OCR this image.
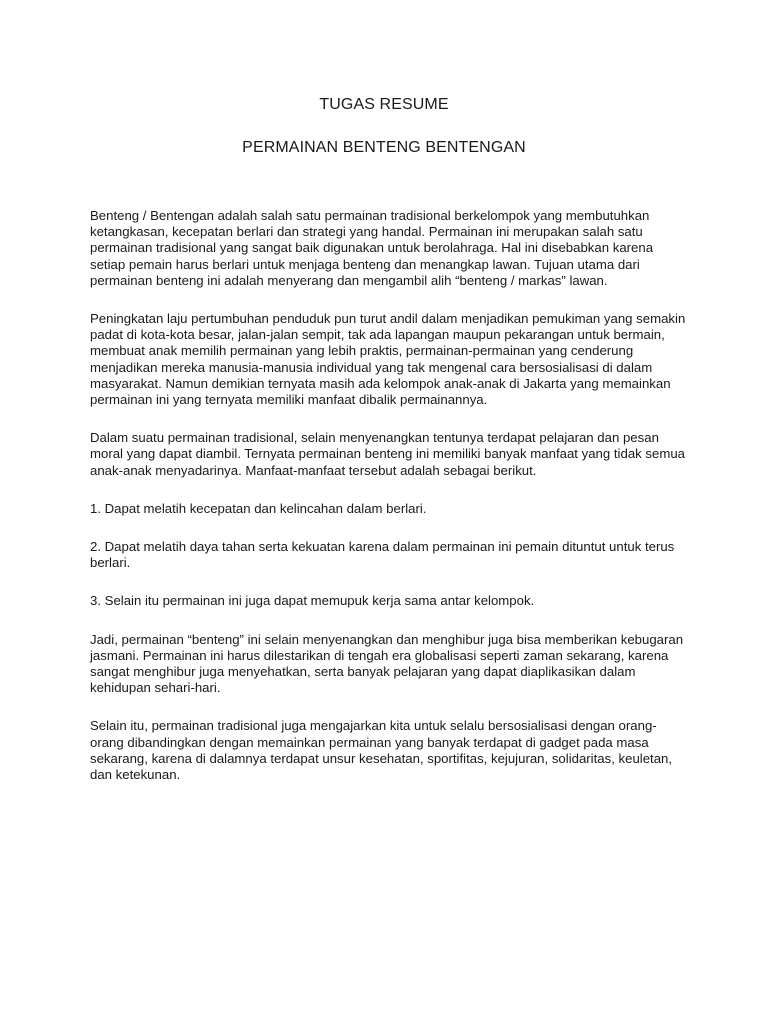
TUGAS RESUME
PERMAINAN BENTENG BENTENGAN

Benteng / Bentengan adalah salah satu permainan tradisional berkelompok yang membutuhkan ketangkasan, kecepatan berlari dan strategi yang handal. Permainan ini merupakan salah satu permainan tradisional yang sangat baik digunakan untuk berolahraga. Hal ini disebabkan karena setiap pemain harus berlari untuk menjaga benteng dan menangkap lawan. Tujuan utama dari permainan benteng ini adalah menyerang dan mengambil alih “benteng / markas” lawan.

Peningkatan laju pertumbuhan penduduk pun turut andil dalam menjadikan pemukiman yang semakin padat di kota-kota besar, jalan-jalan sempit, tak ada lapangan maupun pekarangan untuk bermain, membuat anak memilih permainan yang lebih praktis, permainan-permainan yang cenderung menjadikan mereka manusia-manusia individual yang tak mengenal cara bersosialisasi di dalam masyarakat. Namun demikian ternyata masih ada kelompok anak-anak di Jakarta yang memainkan permainan ini yang ternyata memiliki manfaat dibalik permainannya.

Dalam suatu permainan tradisional, selain menyenangkan tentunya terdapat pelajaran dan pesan moral yang dapat diambil. Ternyata permainan benteng ini memiliki banyak manfaat yang tidak semua anak-anak menyadarinya. Manfaat-manfaat tersebut adalah sebagai berikut.

1. Dapat melatih kecepatan dan kelincahan dalam berlari.

2. Dapat melatih daya tahan serta kekuatan karena dalam permainan ini pemain dituntut untuk terus berlari.

3. Selain itu permainan ini juga dapat memupuk kerja sama antar kelompok.

Jadi, permainan “benteng” ini selain menyenangkan dan menghibur juga bisa memberikan kebugaran jasmani. Permainan ini harus dilestarikan di tengah era globalisasi seperti zaman sekarang, karena sangat menghibur juga menyehatkan, serta banyak pelajaran yang dapat diaplikasikan dalam kehidupan sehari-hari.

Selain itu, permainan tradisional juga mengajarkan kita untuk selalu bersosialisasi dengan orang-orang dibandingkan dengan memainkan permainan yang banyak terdapat di gadget pada masa sekarang, karena di dalamnya terdapat unsur kesehatan, sportifitas, kejujuran, solidaritas, keuletan, dan ketekunan.
